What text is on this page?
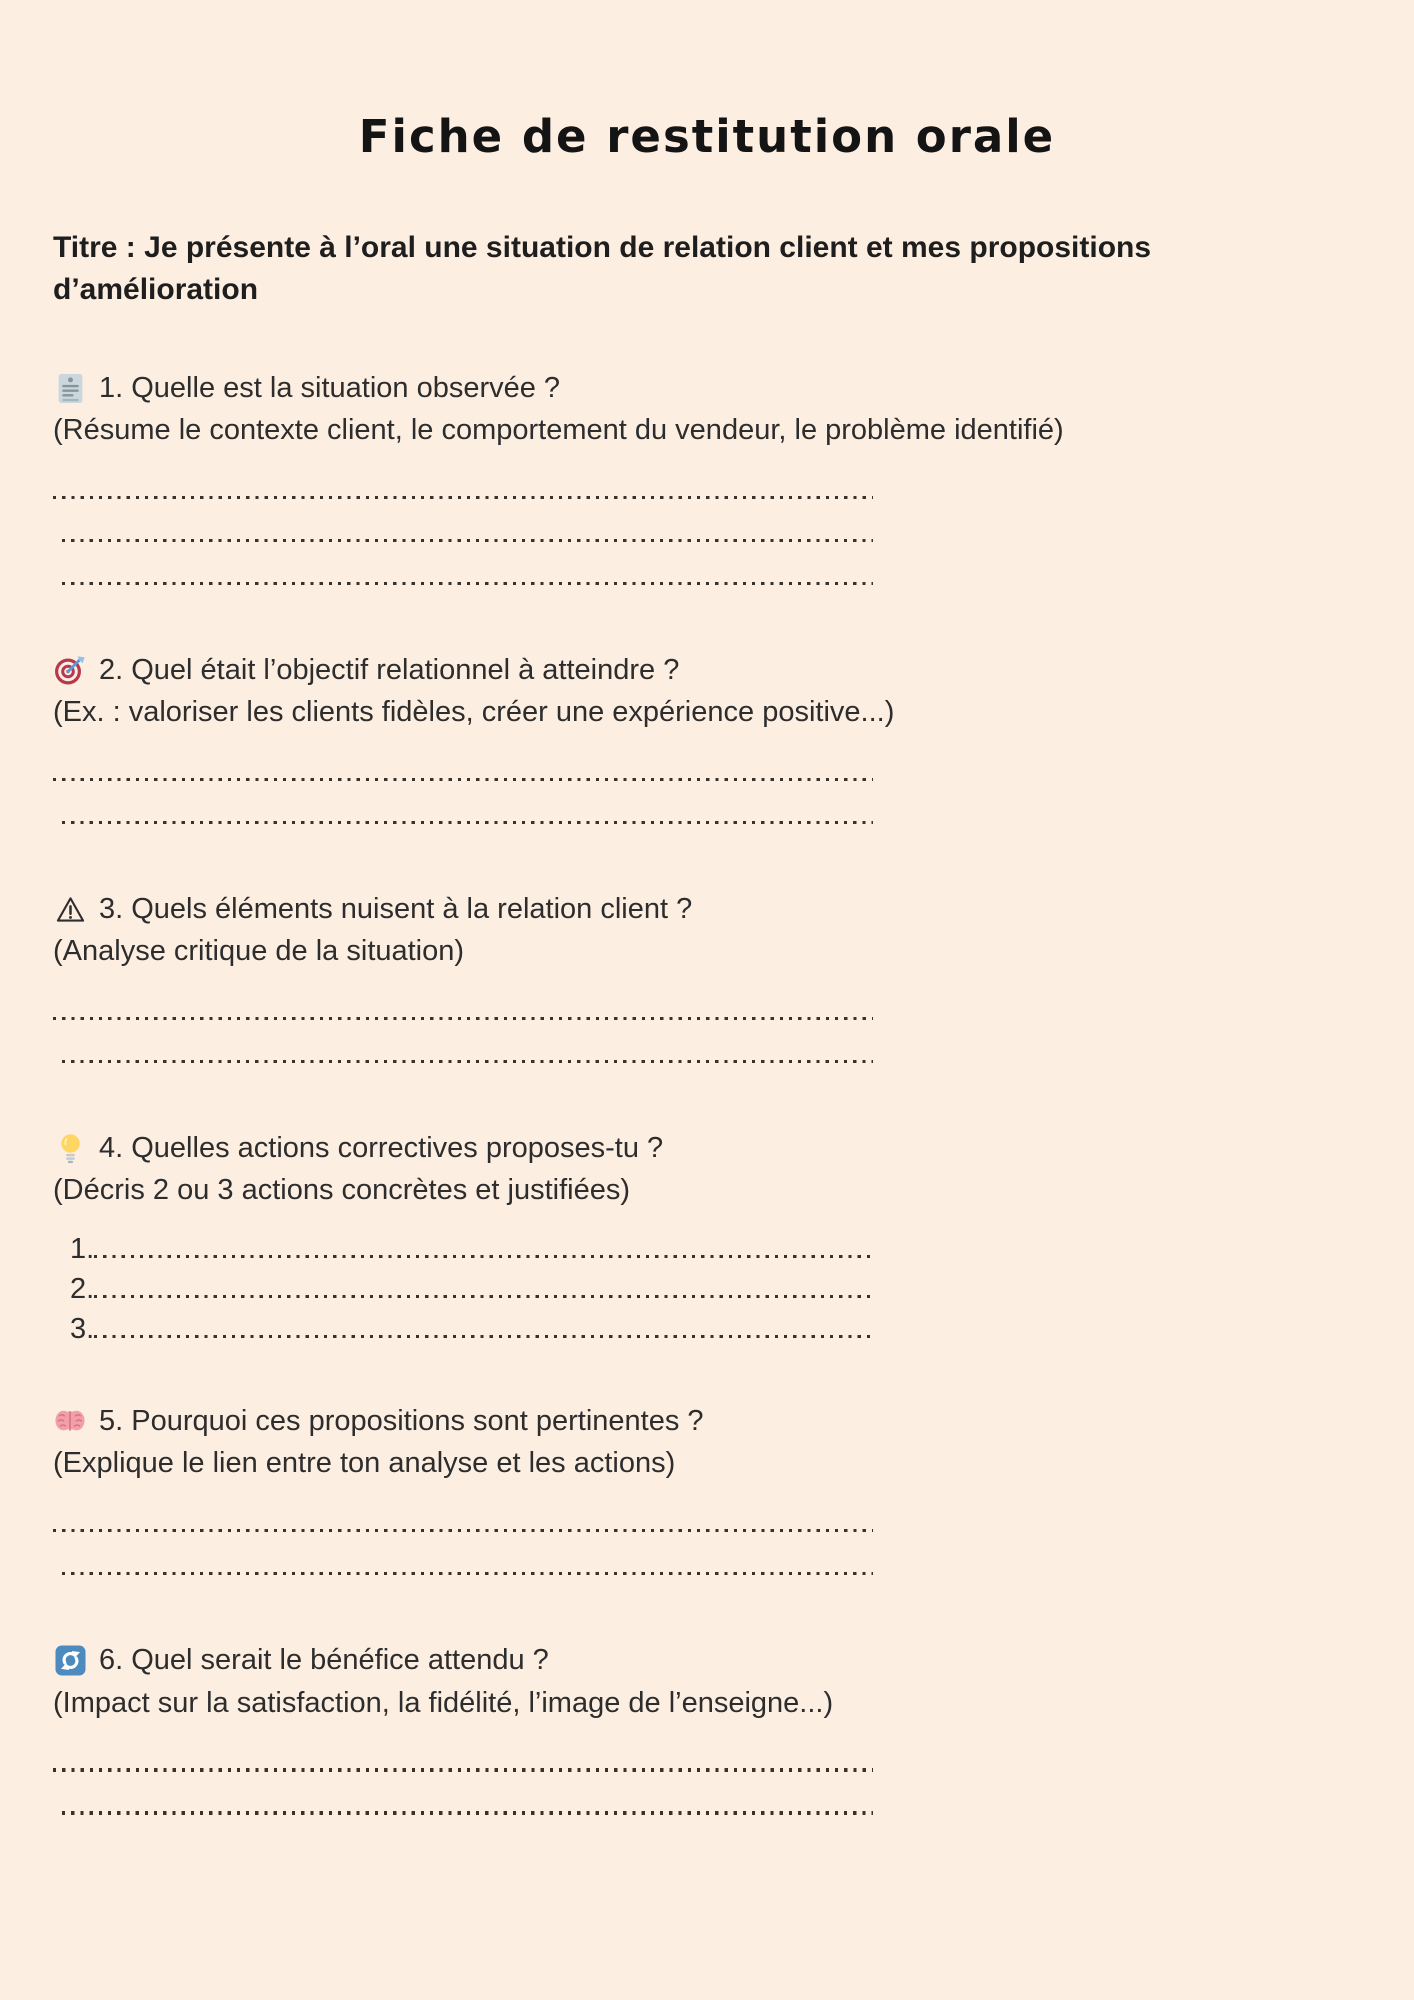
Fiche de restitution orale

Titre : Je présente à l’oral une situation de relation client et mes propositions d’amélioration

1. Quelle est la situation observée ?

(Résume le contexte client, le comportement du vendeur, le problème identifié)

2. Quel était l’objectif relationnel à atteindre ?

(Ex. : valoriser les clients fidèles, créer une expérience positive...)

3. Quels éléments nuisent à la relation client ?

(Analyse critique de la situation)

4. Quelles actions correctives proposes-tu ?

(Décris 2 ou 3 actions concrètes et justifiées)

1.
2.
3.
5. Pourquoi ces propositions sont pertinentes ?

(Explique le lien entre ton analyse et les actions)

6. Quel serait le bénéfice attendu ?

(Impact sur la satisfaction, la fidélité, l’image de l’enseigne...)
